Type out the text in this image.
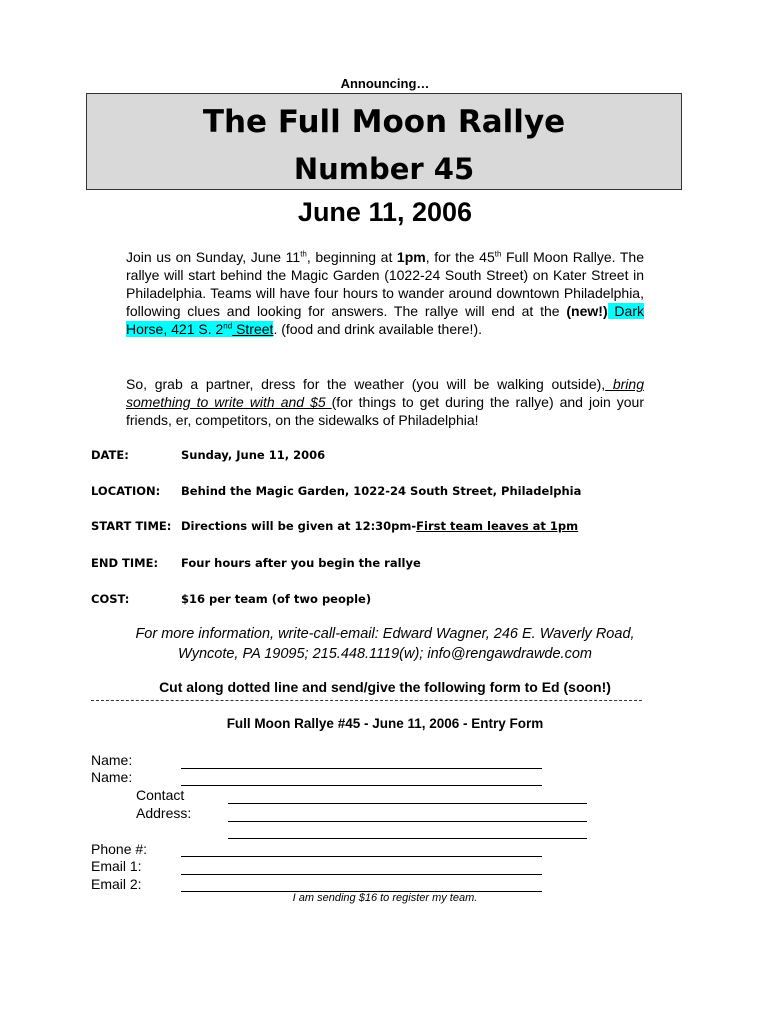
Announcing…
The Full Moon Rallye
Number 45
June 11, 2006
Join us on Sunday, June 11th, beginning at 1pm, for the 45th Full Moon Rallye. The rallye will start behind the Magic Garden (1022-24 South Street) on Kater Street in Philadelphia. Teams will have four hours to wander around downtown Philadelphia, following clues and looking for answers. The rallye will end at the (new!) Dark Horse, 421 S. 2nd Street. (food and drink available there!).
So, grab a partner, dress for the weather (you will be walking outside), bring something to write with and $5 (for things to get during the rallye) and join your friends, er, competitors, on the sidewalks of Philadelphia!
DATE:	Sunday, June 11, 2006
LOCATION: Behind the Magic Garden, 1022-24 South Street, Philadelphia
START TIME: Directions will be given at 12:30pm-First team leaves at 1pm
END TIME: Four hours after you begin the rallye
COST:	$16 per team (of two people)
For more information, write-call-email: Edward Wagner, 246 E. Waverly Road,
Wyncote, PA 19095; 215.448.1119(w); info@rengawdrawde.com
Cut along dotted line and send/give the following form to Ed (soon!)
Full Moon Rallye #45 - June 11, 2006 - Entry Form
Name:
Name:
Contact
Address:
Phone #:
Email 1:
Email 2:
I am sending $16 to register my team.
